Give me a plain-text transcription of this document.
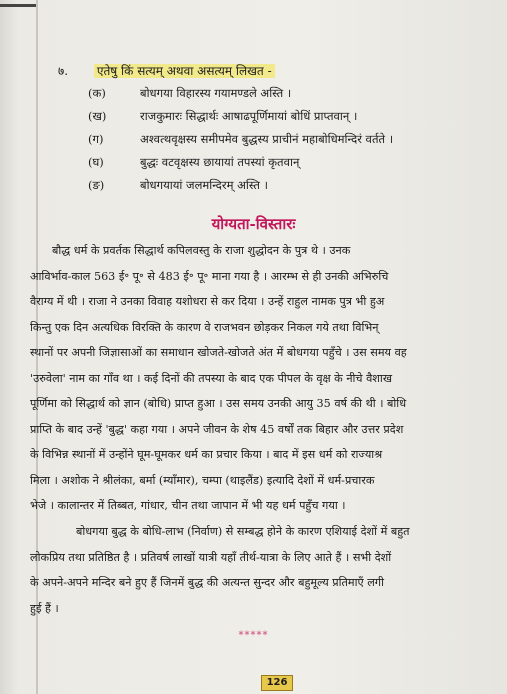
७. एतेषु किं सत्यम् अथवा असत्यम् लिखत -
(क)	बोधगया विहारस्य गयामण्डले अस्ति ।
(ख)	राजकुमारः सिद्धार्थः आषाढपूर्णिमायां बोधिं प्राप्तवान् ।
(ग)	अश्वत्थवृक्षस्य समीपमेव बुद्धस्य प्राचीनं महाबोधिमन्दिरं वर्तते ।
(घ)	बुद्धः वटवृक्षस्य छायायां तपस्यां कृतवान्
(ङ)	बोधगयायां जलमन्दिरम् अस्ति ।
योग्यता-विस्तारः
बौद्ध धर्म के प्रवर्तक सिद्धार्थ कपिलवस्तु के राजा शुद्धोदन के पुत्र थे । उनक
आविर्भाव-काल 563 ई॰ पू॰ से 483 ई॰ पू॰ माना गया है । आरम्भ से ही उनकी अभिरुचि
वैराग्य में थी । राजा ने उनका विवाह यशोधरा से कर दिया । उन्हें राहुल नामक पुत्र भी हुअ
किन्तु एक दिन अत्यधिक विरक्ति के कारण वे राजभवन छोड़कर निकल गये तथा विभिन्
स्थानों पर अपनी जिज्ञासाओं का समाधान खोजते-खोजते अंत में बोधगया पहुँचे । उस समय वह
'उरुवेला' नाम का गाँव था । कई दिनों की तपस्या के बाद एक पीपल के वृक्ष के नीचे वैशाख
पूर्णिमा को सिद्धार्थ को ज्ञान (बोधि) प्राप्त हुआ । उस समय उनकी आयु 35 वर्ष की थी । बोधि
प्राप्ति के बाद उन्हें 'बुद्ध' कहा गया । अपने जीवन के शेष 45 वर्षों तक बिहार और उत्तर प्रदेश
के विभिन्न स्थानों में उन्होंने घूम-घूमकर धर्म का प्रचार किया । बाद में इस धर्म को राज्याश्र
मिला । अशोक ने श्रीलंका, बर्मा (म्याँमार), चम्पा (थाइलैंड) इत्यादि देशों में धर्म-प्रचारक
भेजे । कालान्तर में तिब्बत, गांधार, चीन तथा जापान में भी यह धर्म पहुँच गया ।
बोधगया बुद्ध के बोधि-लाभ (निर्वाण) से सम्बद्ध होने के कारण एशियाई देशों में बहुत
लोकप्रिय तथा प्रतिष्ठित है । प्रतिवर्ष लाखों यात्री यहाँ तीर्थ-यात्रा के लिए आते हैं । सभी देशों
के अपने-अपने मन्दिर बने हुए हैं जिनमें बुद्ध की अत्यन्त सुन्दर और बहुमूल्य प्रतिमाएँ लगी
हुई हैं ।
*****
126
